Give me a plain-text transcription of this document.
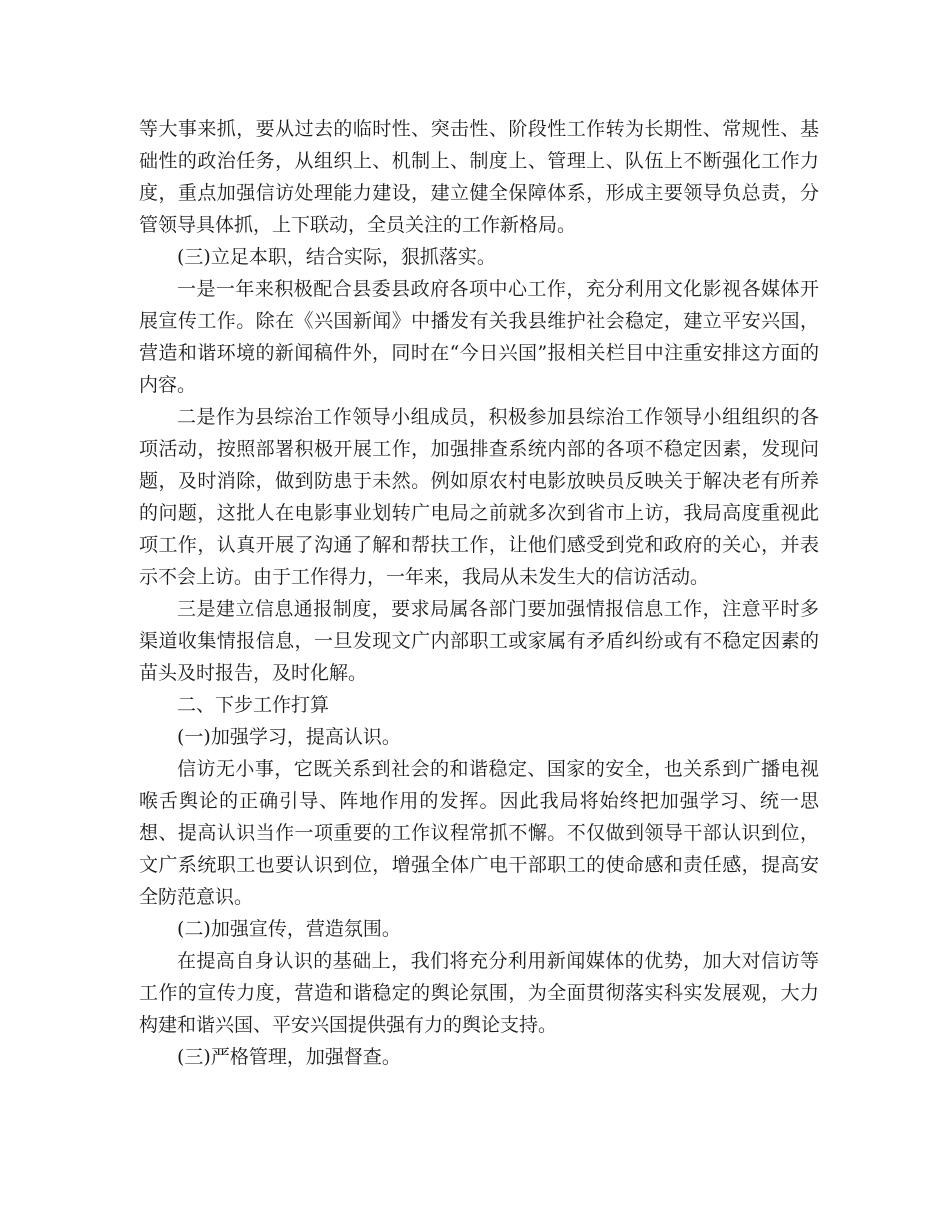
等大事来抓，要从过去的临时性、突击性、阶段性工作转为长期性、常规性、基础性的政治任务，从组织上、机制上、制度上、管理上、队伍上不断强化工作力度，重点加强信访处理能力建设，建立健全保障体系，形成主要领导负总责，分管领导具体抓，上下联动，全员关注的工作新格局。

(三)立足本职，结合实际，狠抓落实。

一是一年来积极配合县委县政府各项中心工作，充分利用文化影视各媒体开展宣传工作。除在《兴国新闻》中播发有关我县维护社会稳定，建立平安兴国，营造和谐环境的新闻稿件外，同时在“今日兴国”报相关栏目中注重安排这方面的内容。

二是作为县综治工作领导小组成员，积极参加县综治工作领导小组组织的各项活动，按照部署积极开展工作，加强排查系统内部的各项不稳定因素，发现问题，及时消除，做到防患于未然。例如原农村电影放映员反映关于解决老有所养的问题，这批人在电影事业划转广电局之前就多次到省市上访，我局高度重视此项工作，认真开展了沟通了解和帮扶工作，让他们感受到党和政府的关心，并表示不会上访。由于工作得力，一年来，我局从未发生大的信访活动。

三是建立信息通报制度，要求局属各部门要加强情报信息工作，注意平时多渠道收集情报信息，一旦发现文广内部职工或家属有矛盾纠纷或有不稳定因素的苗头及时报告，及时化解。

二、下步工作打算

(一)加强学习，提高认识。

信访无小事，它既关系到社会的和谐稳定、国家的安全，也关系到广播电视喉舌舆论的正确引导、阵地作用的发挥。因此我局将始终把加强学习、统一思想、提高认识当作一项重要的工作议程常抓不懈。不仅做到领导干部认识到位，文广系统职工也要认识到位，增强全体广电干部职工的使命感和责任感，提高安全防范意识。

(二)加强宣传，营造氛围。

在提高自身认识的基础上，我们将充分利用新闻媒体的优势，加大对信访等工作的宣传力度，营造和谐稳定的舆论氛围，为全面贯彻落实科实发展观，大力构建和谐兴国、平安兴国提供强有力的舆论支持。

(三)严格管理，加强督查。
